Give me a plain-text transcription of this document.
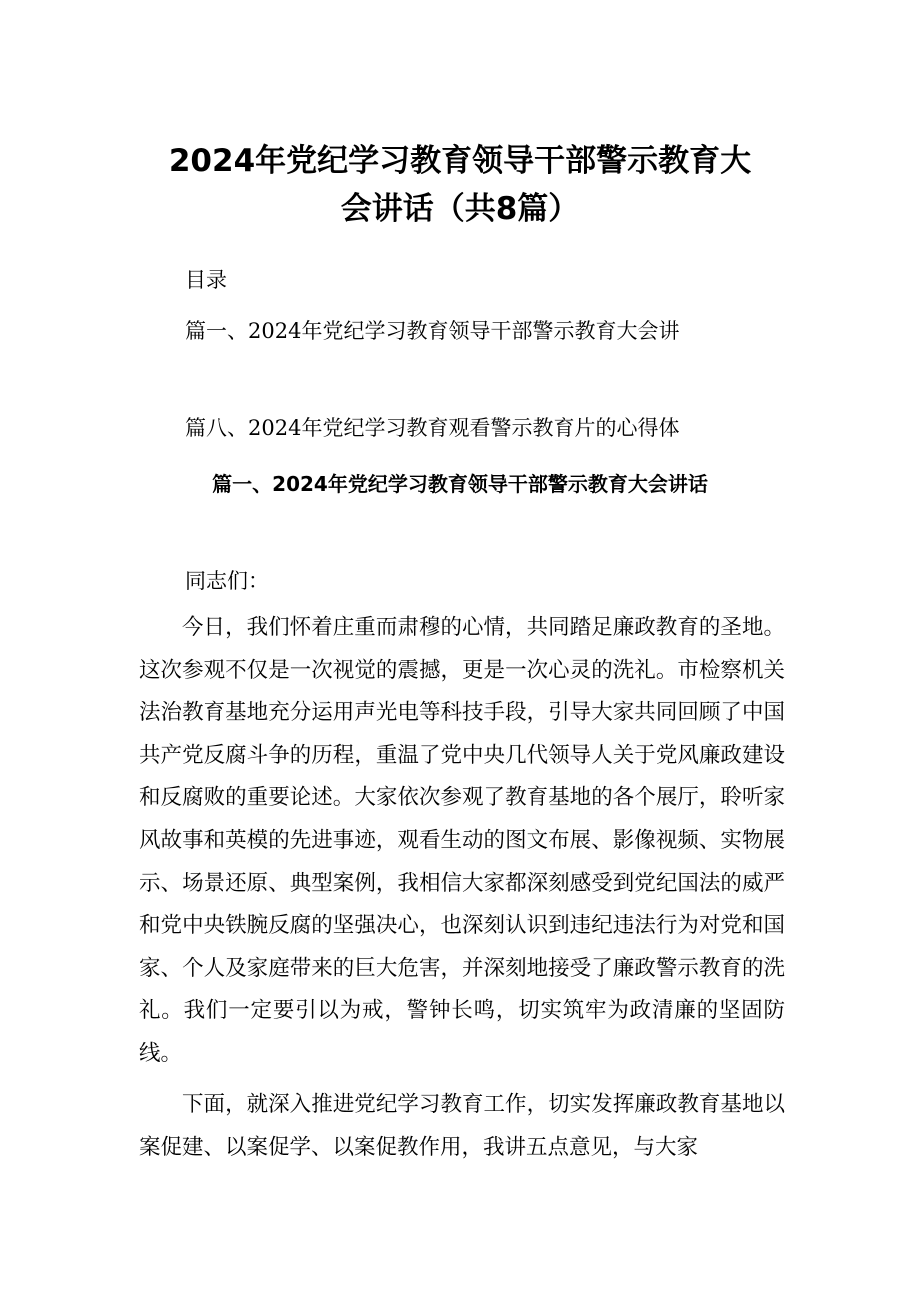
2024年党纪学习教育领导干部警示教育大
会讲话（共8篇）
目录
篇一、2024年党纪学习教育领导干部警示教育大会讲
篇八、2024年党纪学习教育观看警示教育片的心得体
篇一、2024年党纪学习教育领导干部警示教育大会讲话
同志们：
今日，我们怀着庄重而肃穆的心情，共同踏足廉政教育的圣地。这次参观不仅是一次视觉的震撼，更是一次心灵的洗礼。市检察机关法治教育基地充分运用声光电等科技手段，引导大家共同回顾了中国共产党反腐斗争的历程，重温了党中央几代领导人关于党风廉政建设和反腐败的重要论述。大家依次参观了教育基地的各个展厅，聆听家风故事和英模的先进事迹，观看生动的图文布展、影像视频、实物展示、场景还原、典型案例，我相信大家都深刻感受到党纪国法的威严和党中央铁腕反腐的坚强决心，也深刻认识到违纪违法行为对党和国家、个人及家庭带来的巨大危害，并深刻地接受了廉政警示教育的洗礼。我们一定要引以为戒，警钟长鸣，切实筑牢为政清廉的坚固防线。
下面，就深入推进党纪学习教育工作，切实发挥廉政教育基地以案促建、以案促学、以案促教作用，我讲五点意见，与大家
